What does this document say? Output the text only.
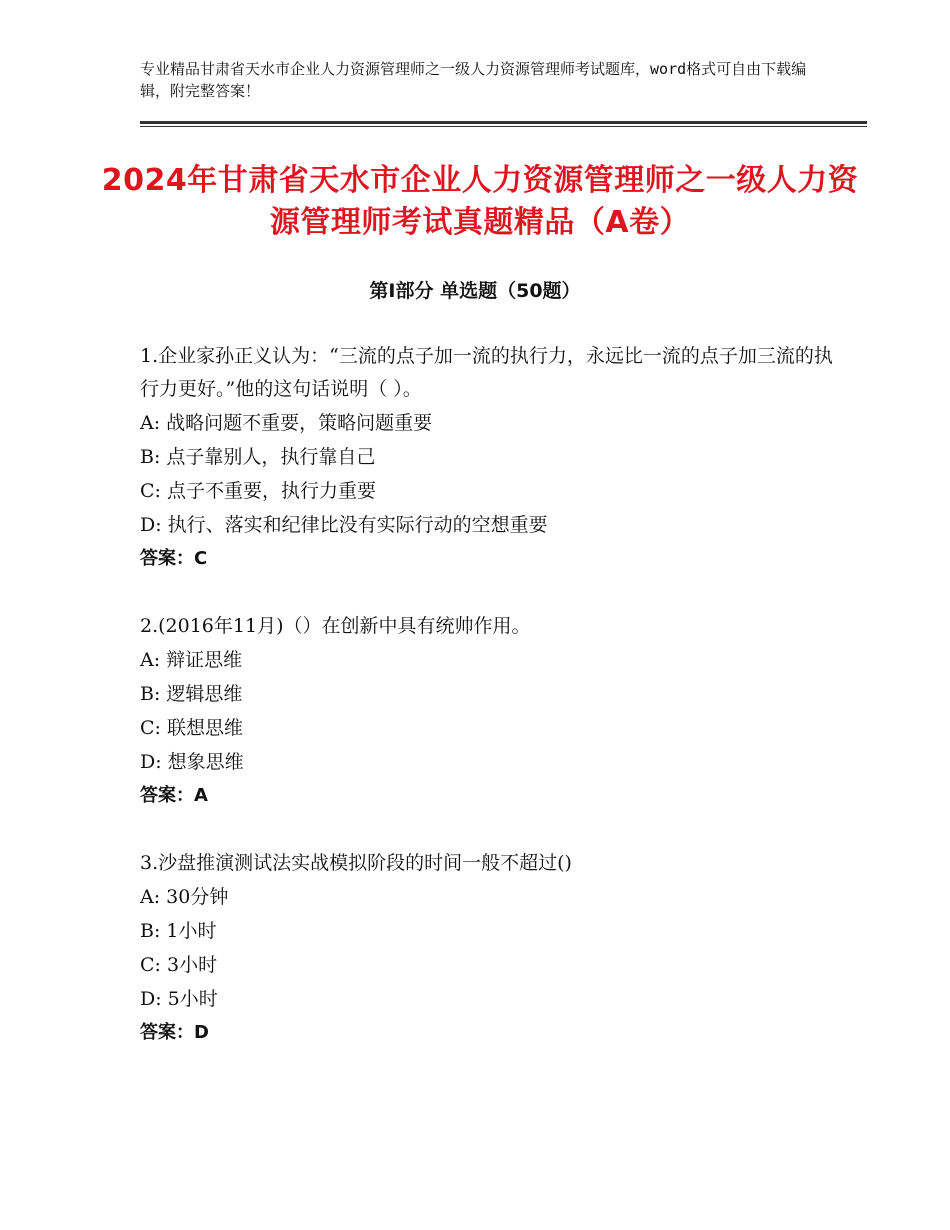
专业精品甘肃省天水市企业人力资源管理师之一级人力资源管理师考试题库，word格式可自由下载编辑，附完整答案！
2024年甘肃省天水市企业人力资源管理师之一级人力资源管理师考试真题精品（A卷）
第Ⅰ部分 单选题（50题）

1.企业家孙正义认为：“三流的点子加一流的执行力，永远比一流的点子加三流的执行力更好。”他的这句话说明（ ）。

A: 战略问题不重要，策略问题重要

B: 点子靠别人，执行靠自己

C: 点子不重要，执行力重要

D: 执行、落实和纪律比没有实际行动的空想重要

答案：C

2.(2016年11月)（）在创新中具有统帅作用。

A: 辩证思维

B: 逻辑思维

C: 联想思维

D: 想象思维

答案：A

3.沙盘推演测试法实战模拟阶段的时间一般不超过()

A: 30分钟

B: 1小时

C: 3小时

D: 5小时

答案：D
